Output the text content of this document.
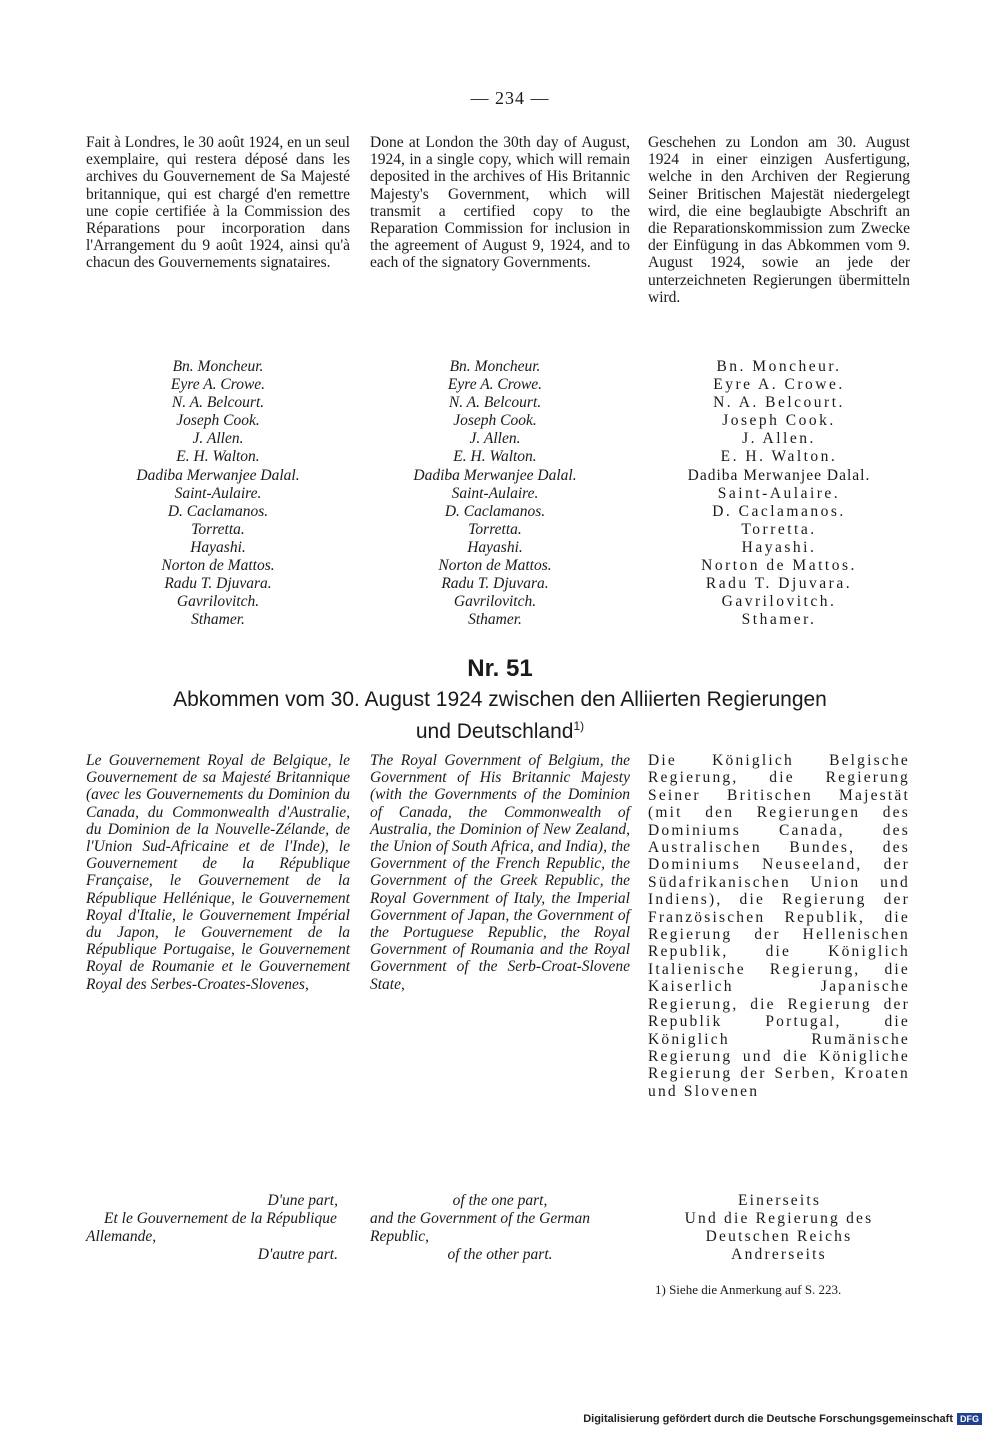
— 234 —

Fait à Londres, le 30 août 1924, en un seul exemplaire, qui restera déposé dans les archives du Gouvernement de Sa Majesté britannique, qui est chargé d'en remettre une copie certifiée à la Commission des Réparations pour incorporation dans l'Arrangement du 9 août 1924, ainsi qu'à chacun des Gouvernements signataires.

Done at London the 30th day of August, 1924, in a single copy, which will remain deposited in the archives of His Britannic Majesty's Government, which will transmit a certified copy to the Reparation Commission for inclusion in the agreement of August 9, 1924, and to each of the signatory Governments.

Geschehen zu London am 30. August 1924 in einer einzigen Ausfertigung, welche in den Archiven der Regierung Seiner Britischen Majestät niedergelegt wird, die eine beglaubigte Abschrift an die Reparationskommission zum Zwecke der Einfügung in das Abkommen vom 9. August 1924, sowie an jede der unterzeichneten Regierungen übermitteln wird.

Bn. Moncheur.
Eyre A. Crowe.
N. A. Belcourt.
Joseph Cook.
J. Allen.
E. H. Walton.
Dadiba Merwanjee Dalal.
Saint-Aulaire.
D. Caclamanos.
Torretta.
Hayashi.
Norton de Mattos.
Radu T. Djuvara.
Gavrilovitch.
Sthamer.
Bn. Moncheur.
Eyre A. Crowe.
N. A. Belcourt.
Joseph Cook.
J. Allen.
E. H. Walton.
Dadiba Merwanjee Dalal.
Saint-Aulaire.
D. Caclamanos.
Torretta.
Hayashi.
Norton de Mattos.
Radu T. Djuvara.
Gavrilovitch.
Sthamer.
Bn. Moncheur.
Eyre A. Crowe.
N. A. Belcourt.
Joseph Cook.
J. Allen.
E. H. Walton.
Dadiba Merwanjee Dalal.
Saint-Aulaire.
D. Caclamanos.
Torretta.
Hayashi.
Norton de Mattos.
Radu T. Djuvara.
Gavrilovitch.
Sthamer.
Nr. 51
Abkommen vom 30. August 1924 zwischen den Alliierten Regierungen
und Deutschland$^{1)}$

Le Gouvernement Royal de Belgique, le Gouvernement de sa Majesté Britannique (avec les Gouvernements du Dominion du Canada, du Commonwealth d'Australie, du Dominion de la Nouvelle-Zélande, de l'Union Sud-Africaine et de l'Inde), le Gouvernement de la République Française, le Gouvernement de la République Hellénique, le Gouvernement Royal d'Italie, le Gouvernement Impérial du Japon, le Gouvernement de la République Portugaise, le Gouvernement Royal de Roumanie et le Gouvernement Royal des Serbes-Croates-Slovenes,

The Royal Government of Belgium, the Government of His Britannic Majesty (with the Governments of the Dominion of Canada, the Commonwealth of Australia, the Dominion of New Zealand, the Union of South Africa, and India), the Government of the French Republic, the Government of the Greek Republic, the Royal Government of Italy, the Imperial Government of Japan, the Government of the Portuguese Republic, the Royal Government of Roumania and the Royal Government of the Serb-Croat-Slovene State,

Die Königlich Belgische Regierung, die Regierung Seiner Britischen Majestät (mit den Regierungen des Dominiums Canada, des Australischen Bundes, des Dominiums Neuseeland, der Südafrikanischen Union und Indiens), die Regierung der Französischen Republik, die Regierung der Hellenischen Republik, die Königlich Italienische Regierung, die Kaiserlich Japanische Regierung, die Regierung der Republik Portugal, die Königlich Rumänische Regierung und die Königliche Regierung der Serben, Kroaten und Slovenen

D'une part,
Et le Gouvernement de la République Allemande,
D'autre part.
of the one part,
and the Government of the German Republic,
of the other part.
Einerseits
Und die Regierung des Deutschen Reichs
Andrerseits
1) Siehe die Anmerkung auf S. 223.
Digitalisierung gefördert durch die Deutsche Forschungsgemeinschaft DFG
